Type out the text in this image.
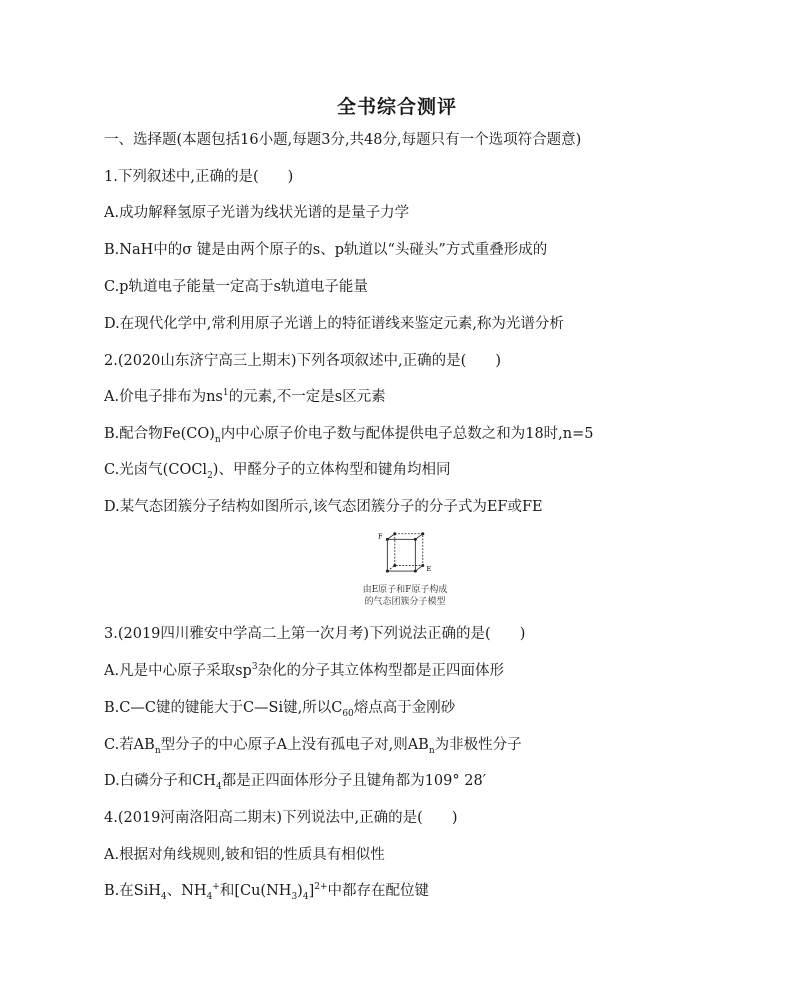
全书综合测评
一、选择题(本题包括16小题,每题3分,共48分,每题只有一个选项符合题意)
1.下列叙述中,正确的是(　　)
A.成功解释氢原子光谱为线状光谱的是量子力学
B.NaH中的σ 键是由两个原子的s、p轨道以“头碰头”方式重叠形成的
C.p轨道电子能量一定高于s轨道电子能量
D.在现代化学中,常利用原子光谱上的特征谱线来鉴定元素,称为光谱分析
2.(2020山东济宁高三上期末)下列各项叙述中,正确的是(　　)
A.价电子排布为$ns^1$的元素,不一定是s区元素
B.配合物$Fe(CO)_n$内中心原子价电子数与配体提供电子总数之和为18时,n=5
C.光卤气(COCl$_2$)、甲醛分子的立体构型和键角均相同
D.某气态团簇分子结构如图所示,该气态团簇分子的分子式为EF或FE
F
E
由E原子和F原子构成
的气态团簇分子模型
3.(2019四川雅安中学高二上第一次月考)下列说法正确的是(　　)
A.凡是中心原子采取$sp^3$杂化的分子其立体构型都是正四面体形
B.C—C键的键能大于C—Si键,所以$C_{60}$熔点高于金刚砂
C.若$AB_n$型分子的中心原子A上没有孤电子对,则$AB_n$为非极性分子
D.白磷分子和$CH_4$都是正四面体形分子且键角都为109° 28′
4.(2019河南洛阳高二期末)下列说法中,正确的是(　　)
A.根据对角线规则,铍和铝的性质具有相似性
B.在SiH$_4$、$NH_4^+$和$[Cu(NH_3)_4]^{2+}$中都存在配位键
